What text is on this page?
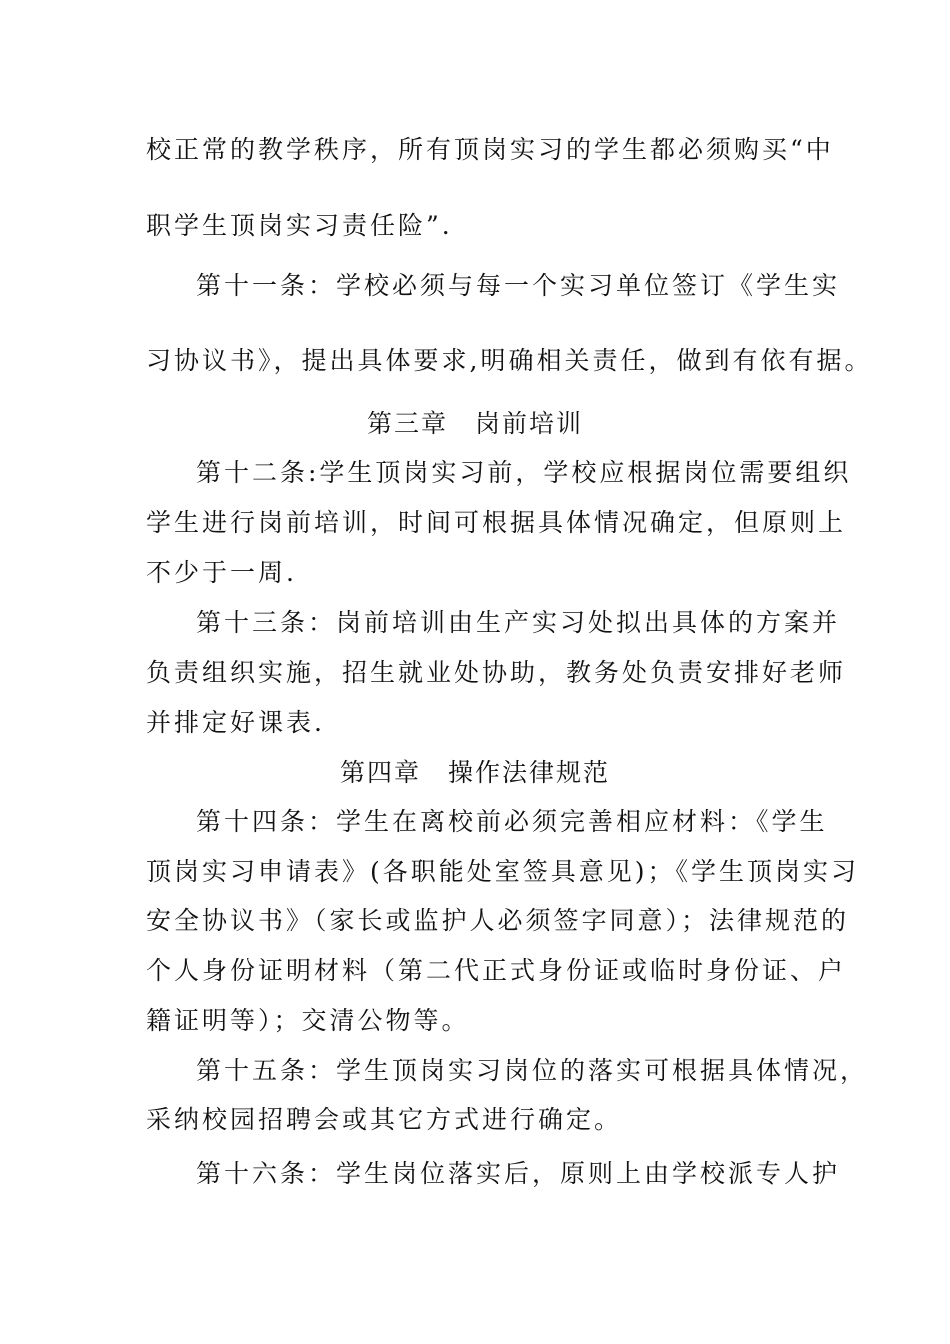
校正常的教学秩序，所有顶岗实习的学生都必须购买“中
职学生顶岗实习责任险”.
第十一条：学校必须与每一个实习单位签订《学生实
习协议书》，提出具体要求,明确相关责任，做到有依有据。
第三章　岗前培训
第十二条:学生顶岗实习前，学校应根据岗位需要组织
学生进行岗前培训，时间可根据具体情况确定，但原则上
不少于一周.
第十三条：岗前培训由生产实习处拟出具体的方案并
负责组织实施，招生就业处协助，教务处负责安排好老师
并排定好课表.
第四章　操作法律规范
第十四条：学生在离校前必须完善相应材料：《学生
顶岗实习申请表》(各职能处室签具意见)；《学生顶岗实习
安全协议书》（家长或监护人必须签字同意）；法律规范的
个人身份证明材料（第二代正式身份证或临时身份证、户
籍证明等）；交清公物等。
第十五条：学生顶岗实习岗位的落实可根据具体情况，
采纳校园招聘会或其它方式进行确定。
第十六条：学生岗位落实后，原则上由学校派专人护
